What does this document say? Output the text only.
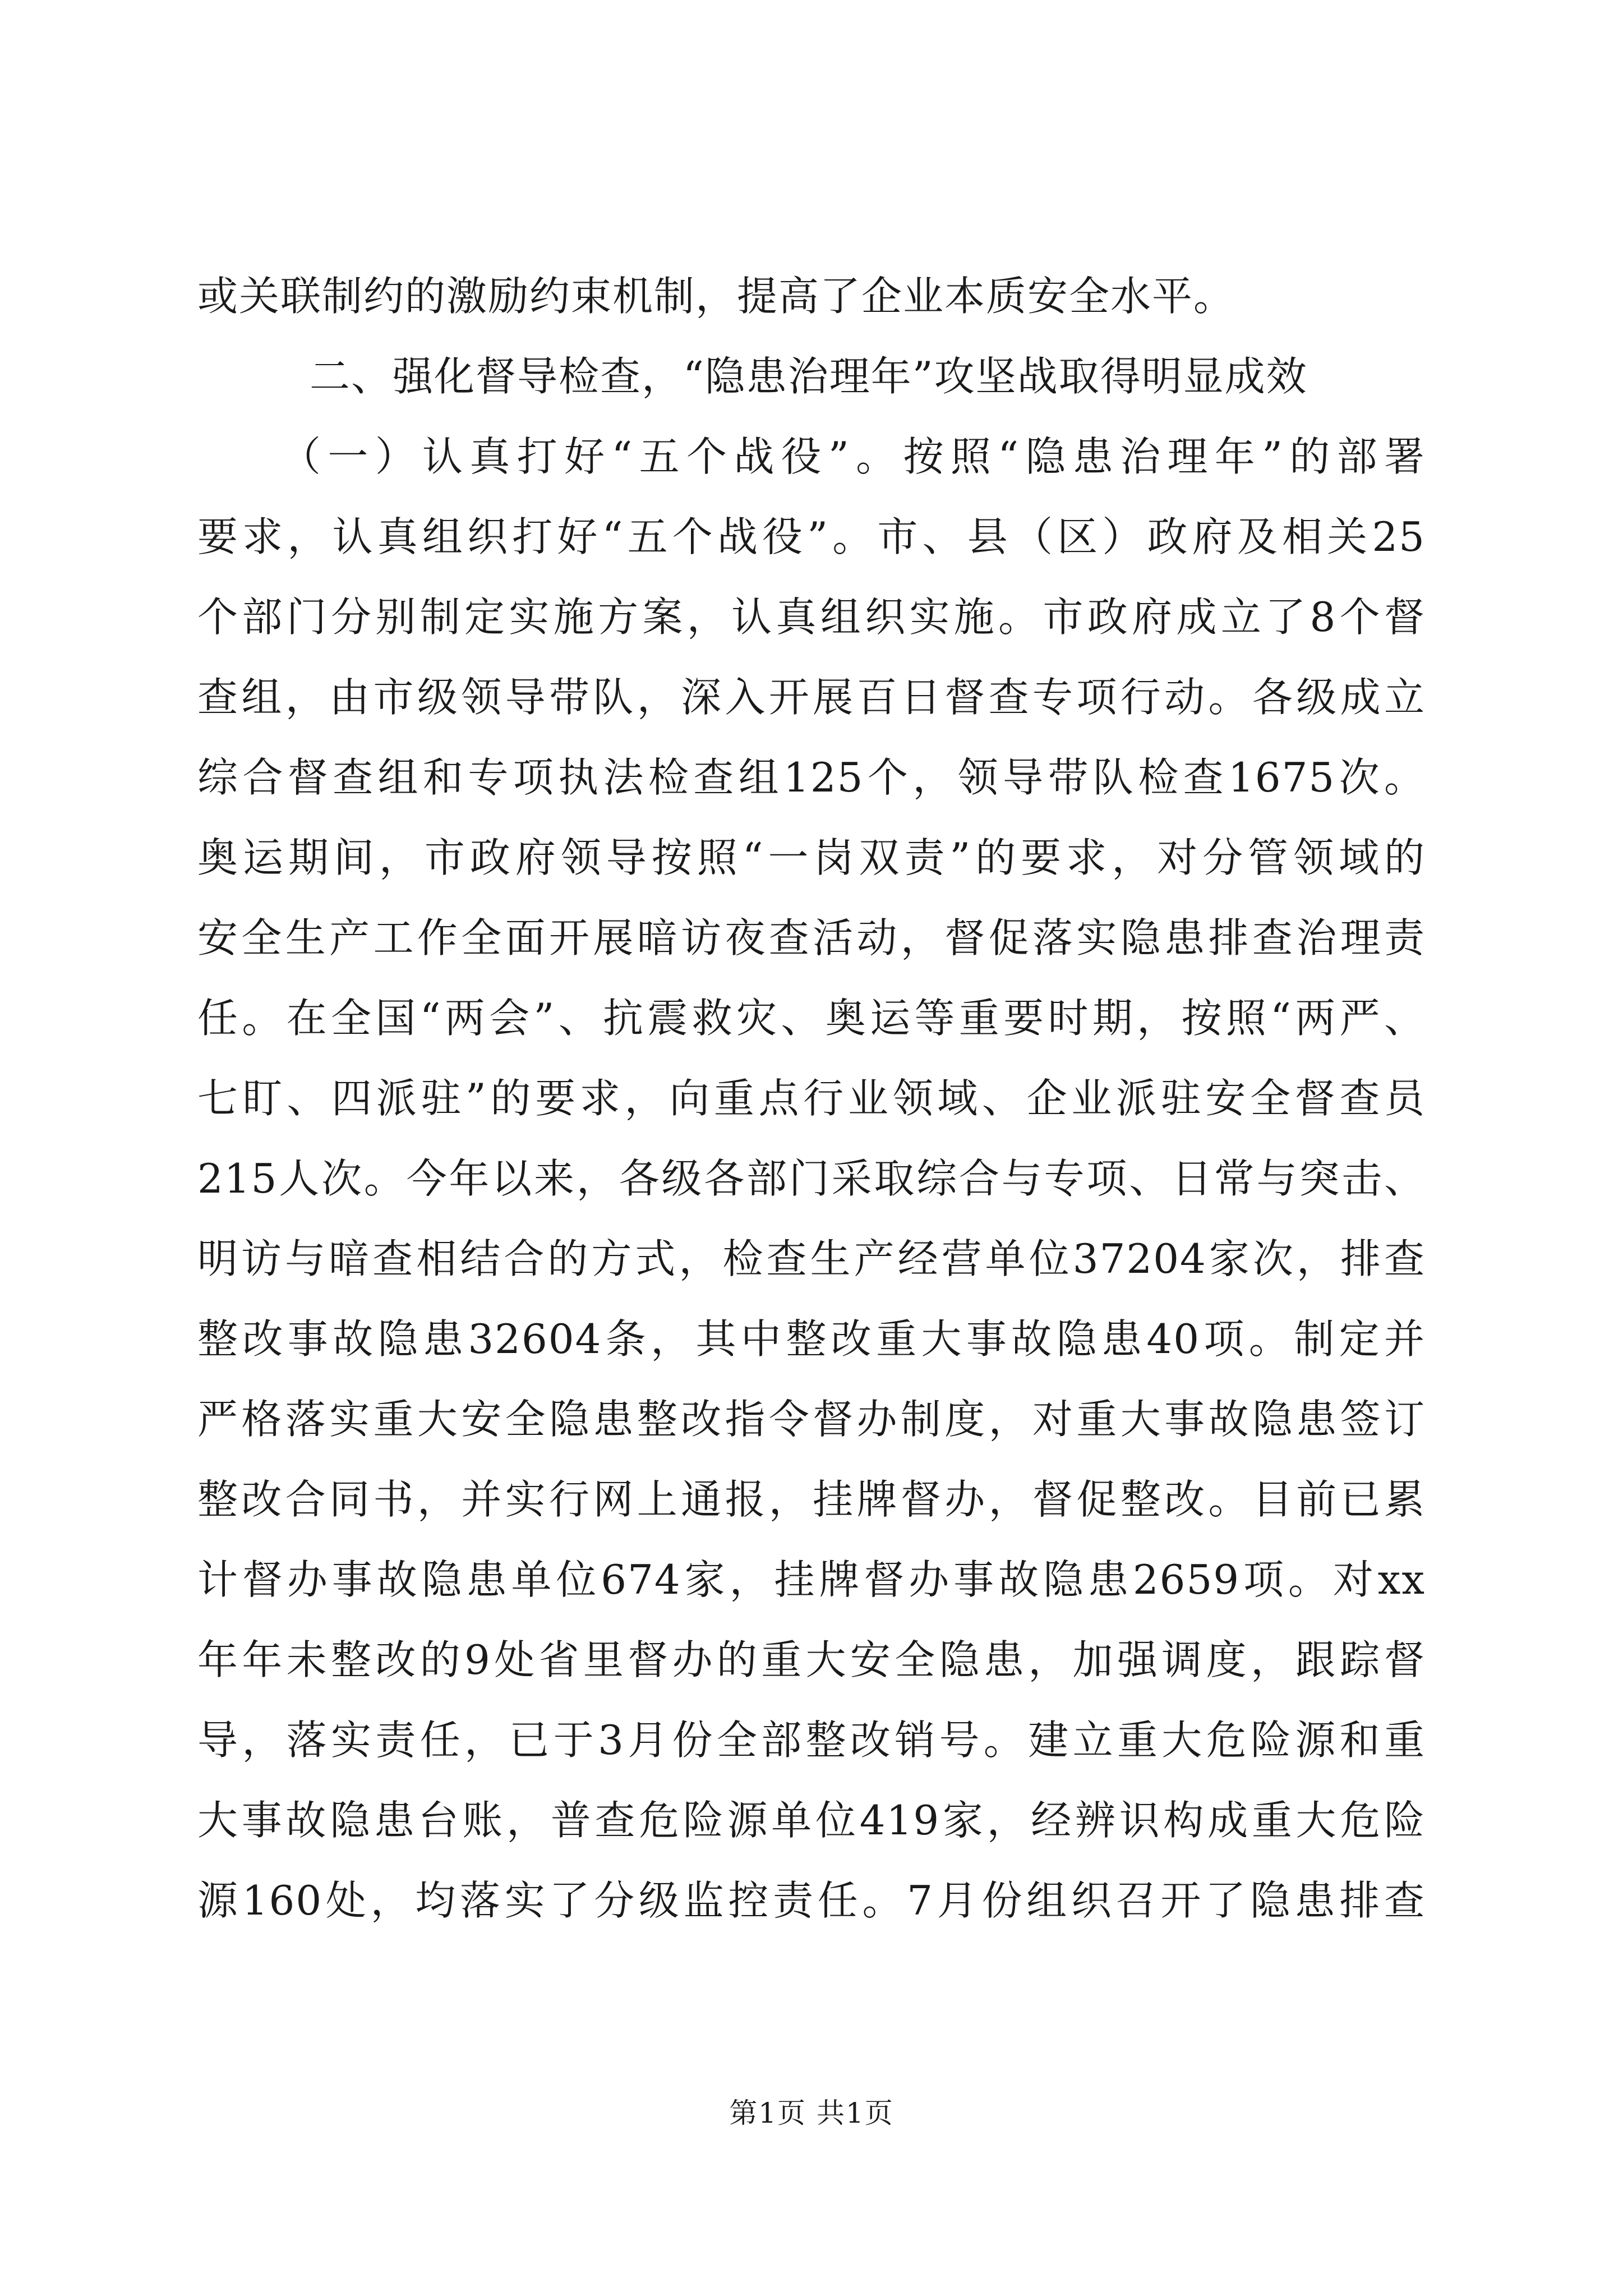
或关联制约的激励约束机制，提高了企业本质安全水平。
二、强化督导检查，“隐患治理年”攻坚战取得明显成效
（一）认真打好“五个战役”。按照“隐患治理年”的部署
要求，认真组织打好“五个战役”。市、县（区）政府及相关25
个部门分别制定实施方案，认真组织实施。市政府成立了8个督
查组，由市级领导带队，深入开展百日督查专项行动。各级成立
综合督查组和专项执法检查组125个，领导带队检查1675次。
奥运期间，市政府领导按照“一岗双责”的要求，对分管领域的
安全生产工作全面开展暗访夜查活动，督促落实隐患排查治理责
任。在全国“两会”、抗震救灾、奥运等重要时期，按照“两严、
七盯、四派驻”的要求，向重点行业领域、企业派驻安全督查员
215人次。今年以来，各级各部门采取综合与专项、日常与突击、
明访与暗查相结合的方式，检查生产经营单位37204家次，排查
整改事故隐患32604条，其中整改重大事故隐患40项。制定并
严格落实重大安全隐患整改指令督办制度，对重大事故隐患签订
整改合同书，并实行网上通报，挂牌督办，督促整改。目前已累
计督办事故隐患单位674家，挂牌督办事故隐患2659项。对xx
年年未整改的9处省里督办的重大安全隐患，加强调度，跟踪督
导，落实责任，已于3月份全部整改销号。建立重大危险源和重
大事故隐患台账，普查危险源单位419家，经辨识构成重大危险
源160处，均落实了分级监控责任。7月份组织召开了隐患排查
第1页 共1页
